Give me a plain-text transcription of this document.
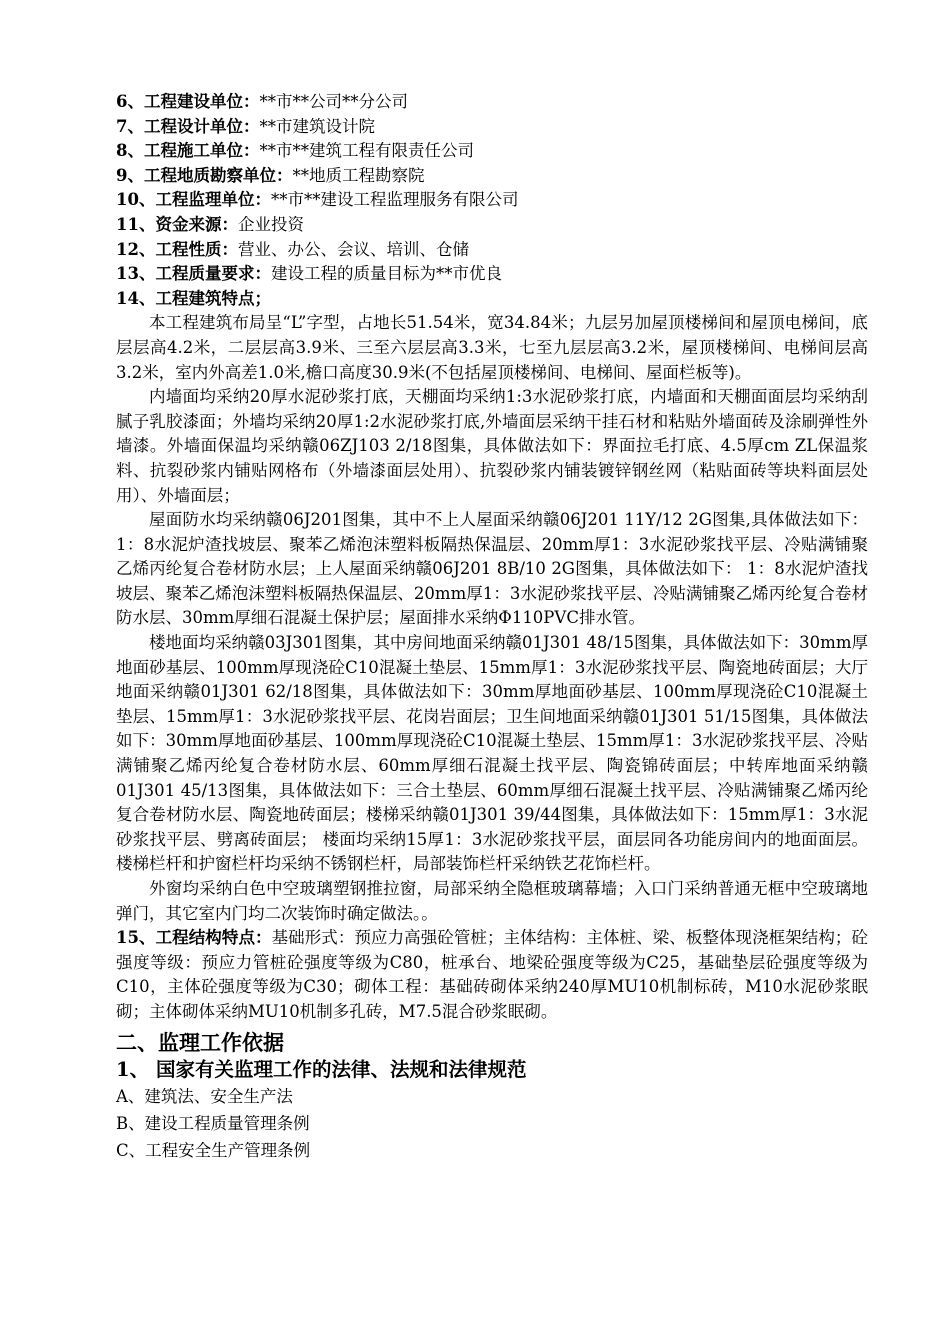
6、工程建设单位：**市**公司**分公司
7、工程设计单位：**市建筑设计院
8、工程施工单位：**市**建筑工程有限责任公司
9、工程地质勘察单位：**地质工程勘察院
10、工程监理单位：**市**建设工程监理服务有限公司
11、资金来源：企业投资
12、工程性质：营业、办公、会议、培训、仓储
13、工程质量要求：建设工程的质量目标为**市优良
14、工程建筑特点；

本工程建筑布局呈“L”字型，占地长51.54米，宽34.84米；九层另加屋顶楼梯间和屋顶电梯间，底层层高4.2米，二层层高3.9米、三至六层层高3.3米，七至九层层高3.2米，屋顶楼梯间、电梯间层高3.2米，室内外高差1.0米,檐口高度30.9米(不包括屋顶楼梯间、电梯间、屋面栏板等)。

内墙面均采纳20厚水泥砂浆打底，天棚面均采纳1:3水泥砂浆打底，内墙面和天棚面面层均采纳刮腻子乳胶漆面；外墙均采纳20厚1:2水泥砂浆打底,外墙面层采纳干挂石材和粘贴外墙面砖及涂刷弹性外墙漆。外墙面保温均采纳赣06ZJ103 2/18图集，具体做法如下：界面拉毛打底、4.5厚cm ZL保温浆料、抗裂砂浆内铺贴网格布（外墙漆面层处用）、抗裂砂浆内铺装镀锌钢丝网（粘贴面砖等块料面层处用）、外墙面层；

屋面防水均采纳赣06J201图集，其中不上人屋面采纳赣06J201 11Y/12 2G图集,具体做法如下： 1：8水泥炉渣找坡层、聚苯乙烯泡沫塑料板隔热保温层、20mm厚1：3水泥砂浆找平层、冷贴满铺聚乙烯丙纶复合卷材防水层；上人屋面采纳赣06J201 8B/10 2G图集，具体做法如下： 1：8水泥炉渣找坡层、聚苯乙烯泡沫塑料板隔热保温层、20mm厚1：3水泥砂浆找平层、冷贴满铺聚乙烯丙纶复合卷材防水层、30mm厚细石混凝土保护层；屋面排水采纳Φ110PVC排水管。

楼地面均采纳赣03J301图集，其中房间地面采纳赣01J301 48/15图集，具体做法如下：30mm厚地面砂基层、100mm厚现浇砼C10混凝土垫层、15mm厚1：3水泥砂浆找平层、陶瓷地砖面层；大厅地面采纳赣01J301 62/18图集，具体做法如下：30mm厚地面砂基层、100mm厚现浇砼C10混凝土垫层、15mm厚1：3水泥砂浆找平层、花岗岩面层；卫生间地面采纳赣01J301 51/15图集，具体做法如下：30mm厚地面砂基层、100mm厚现浇砼C10混凝土垫层、15mm厚1：3水泥砂浆找平层、冷贴满铺聚乙烯丙纶复合卷材防水层、60mm厚细石混凝土找平层、陶瓷锦砖面层；中转库地面采纳赣01J301 45/13图集，具体做法如下：三合土垫层、60mm厚细石混凝土找平层、冷贴满铺聚乙烯丙纶复合卷材防水层、陶瓷地砖面层；楼梯采纳赣01J301 39/44图集，具体做法如下：15mm厚1：3水泥砂浆找平层、劈离砖面层； 楼面均采纳15厚1：3水泥砂浆找平层，面层同各功能房间内的地面面层。楼梯栏杆和护窗栏杆均采纳不锈钢栏杆，局部装饰栏杆采纳铁艺花饰栏杆。

外窗均采纳白色中空玻璃塑钢推拉窗，局部采纳全隐框玻璃幕墙；入口门采纳普通无框中空玻璃地弹门，其它室内门均二次装饰时确定做法。。

15、工程结构特点：基础形式：预应力高强砼管桩；主体结构：主体桩、梁、板整体现浇框架结构；砼强度等级：预应力管桩砼强度等级为C80，桩承台、地梁砼强度等级为C25，基础垫层砼强度等级为C10，主体砼强度等级为C30；砌体工程：基础砖砌体采纳240厚MU10机制标砖，M10水泥砂浆眠砌；主体砌体采纳MU10机制多孔砖，M7.5混合砂浆眠砌。

二、监理工作依据
1、 国家有关监理工作的法律、法规和法律规范
A、建筑法、安全生产法
B、建设工程质量管理条例
C、工程安全生产管理条例
